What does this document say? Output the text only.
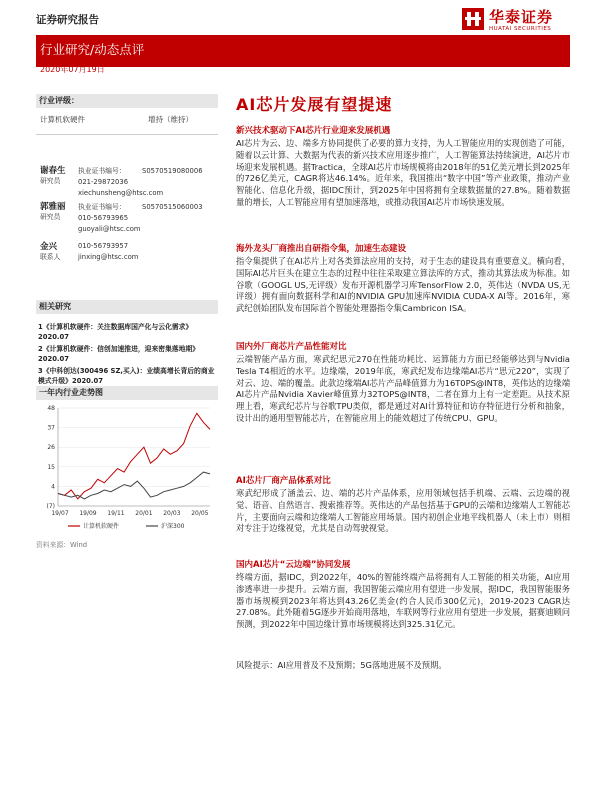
证券研究报告	华泰证券
HUATAI SECURITIES
行业研究/动态点评
2020年07月19日
AI芯片发展有望提速
行业评级：
计算机软硬件	增持（维持）
谢春生
研究员
执业证书编号： S0570519080006
021-29872036
xiechunsheng@htsc.com
郭雅丽
研究员
执业证书编号： S0570515060003
010-56793965
guoyali@htsc.com
金兴
联系人
010-56793957
jinxing@htsc.com
相关研究
1《计算机软硬件：关注数据库国产化与云化需求》2020.07
2《计算机软硬件：信创加速推进，迎来密集落地期》2020.07
3《中科创达(300496 SZ,买入)：业绩高增长背后的商业模式升级》2020.07
一年内行业走势图
(7)
4
15
26
37
48
19/07 19/09 19/11 20/01 20/03 20/05
计算机软硬件	沪深300
资料来源：Wind
新兴技术驱动下AI芯片行业迎来发展机遇
AI芯片为云、边、端多方协同提供了必要的算力支持，为人工智能应用的实现创造了可能，随着以云计算、大数据为代表的新兴技术应用逐步推广，人工智能算法持续演进，AI芯片市场迎来发展机遇。据Tractica，全球AI芯片市场规模将由2018年的51亿美元增长到2025年的726亿美元，CAGR将达46.14%。近年来，我国推出“数字中国”等产业政策，推动产业智能化、信息化升级，据IDC预计，到2025年中国将拥有全球数据量的27.8%。随着数据量的增长，人工智能应用有望加速落地，或推动我国AI芯片市场快速发展。
海外龙头厂商推出自研指令集，加速生态建设
指令集提供了在AI芯片上对各类算法应用的支持，对于生态的建设具有重要意义。横向看，国际AI芯片巨头在建立生态的过程中往往采取建立算法库的方式，推动其算法成为标准。如谷歌（GOOGL US,无评级）发布开源机器学习库TensorFlow 2.0，英伟达（NVDA US,无评级）拥有面向数据科学和AI的NVIDIA GPU加速库NVIDIA CUDA-X AI等。2016年，寒武纪创始团队发布国际首个智能处理器指令集Cambricon ISA。
国内外厂商芯片产品性能对比
云端智能产品方面，寒武纪思元270在性能功耗比、运算能力方面已经能够达到与Nvidia Tesla T4相近的水平。边缘端，2019年底，寒武纪发布边缘端AI芯片“思元220”，实现了对云、边、端的覆盖。此款边缘端AI芯片产品峰值算力为16T0PS@INT8，英伟达的边缘端AI芯片产品Nvidia Xavier峰值算力32TOPS@INT8，二者在算力上有一定差距。从技术原理上看，寒武纪芯片与谷歌TPU类似，都是通过对AI计算特征和访存特征进行分析和抽象，设计出的通用型智能芯片，在智能应用上的能效超过了传统CPU、GPU。
AI芯片厂商产品体系对比
寒武纪形成了涵盖云、边、端的芯片产品体系，应用领域包括手机端、云端、云边端的视觉、语音、自然语言、搜索推荐等。英伟达的产品包括基于GPU的云端和边缘端人工智能芯片，主要面向云端和边缘端人工智能应用场景。国内初创企业地平线机器人（未上市）则相对专注于边缘视觉，尤其是自动驾驶视觉。
国内AI芯片“云边端”协同发展
终端方面，据IDC，到2022年，40%的智能终端产品将拥有人工智能的相关功能，AI应用渗透率进一步提升。云端方面，我国智能云端应用有望进一步发展，据IDC，我国智能服务器市场规模到2023年将达到43.26亿美金(约合人民币300亿元)，2019-2023 CAGR达27.08%。此外随着5G逐步开始商用落地，车联网等行业应用有望进一步发展，据赛迪顾问预测，到2022年中国边缘计算市场规模将达到325.31亿元。
风险提示：AI应用普及不及预期；5G落地进展不及预期。
